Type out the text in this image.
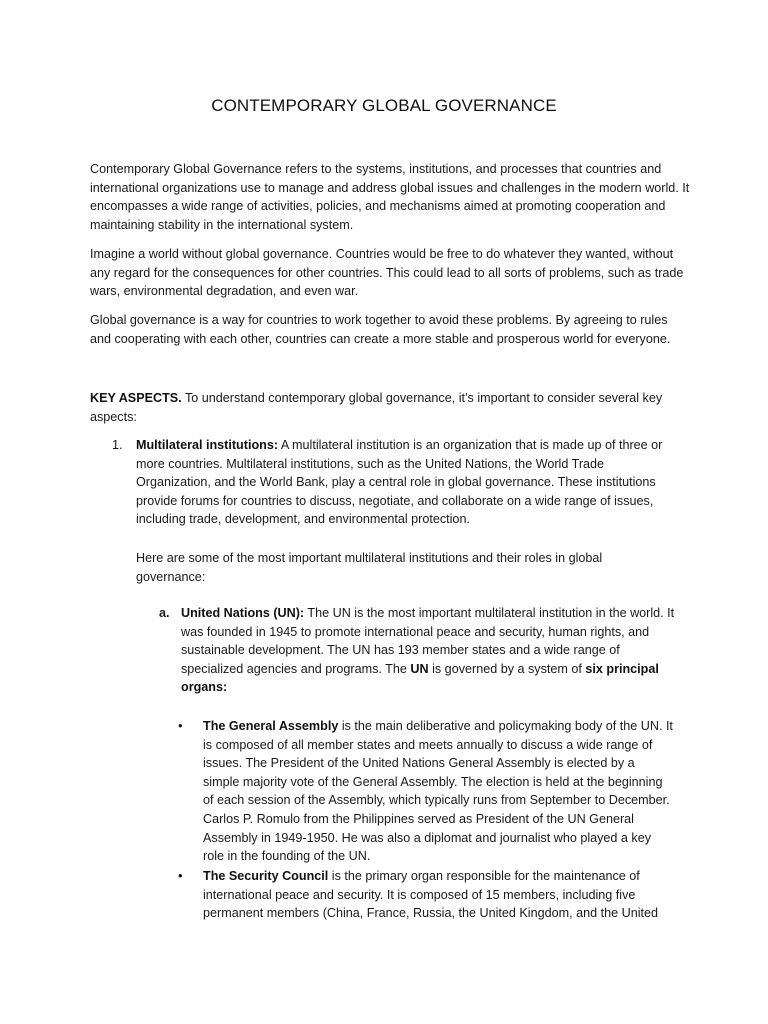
CONTEMPORARY GLOBAL GOVERNANCE

Contemporary Global Governance refers to the systems, institutions, and processes that countries and international organizations use to manage and address global issues and challenges in the modern world. It encompasses a wide range of activities, policies, and mechanisms aimed at promoting cooperation and maintaining stability in the international system.

Imagine a world without global governance. Countries would be free to do whatever they wanted, without any regard for the consequences for other countries. This could lead to all sorts of problems, such as trade wars, environmental degradation, and even war.

Global governance is a way for countries to work together to avoid these problems. By agreeing to rules and cooperating with each other, countries can create a more stable and prosperous world for everyone.

KEY ASPECTS. To understand contemporary global governance, it’s important to consider several key aspects:

1. Multilateral institutions: A multilateral institution is an organization that is made up of three or more countries. Multilateral institutions, such as the United Nations, the World Trade Organization, and the World Bank, play a central role in global governance. These institutions provide forums for countries to discuss, negotiate, and collaborate on a wide range of issues, including trade, development, and environmental protection.
Here are some of the most important multilateral institutions and their roles in global governance:
a. United Nations (UN): The UN is the most important multilateral institution in the world. It was founded in 1945 to promote international peace and security, human rights, and sustainable development. The UN has 193 member states and a wide range of specialized agencies and programs. The UN is governed by a system of six principal organs:
• The General Assembly is the main deliberative and policymaking body of the UN. It is composed of all member states and meets annually to discuss a wide range of issues. The President of the United Nations General Assembly is elected by a simple majority vote of the General Assembly. The election is held at the beginning of each session of the Assembly, which typically runs from September to December. Carlos P. Romulo from the Philippines served as President of the UN General Assembly in 1949-1950. He was also a diplomat and journalist who played a key role in the founding of the UN.
• The Security Council is the primary organ responsible for the maintenance of international peace and security. It is composed of 15 members, including five permanent members (China, France, Russia, the United Kingdom, and the United
